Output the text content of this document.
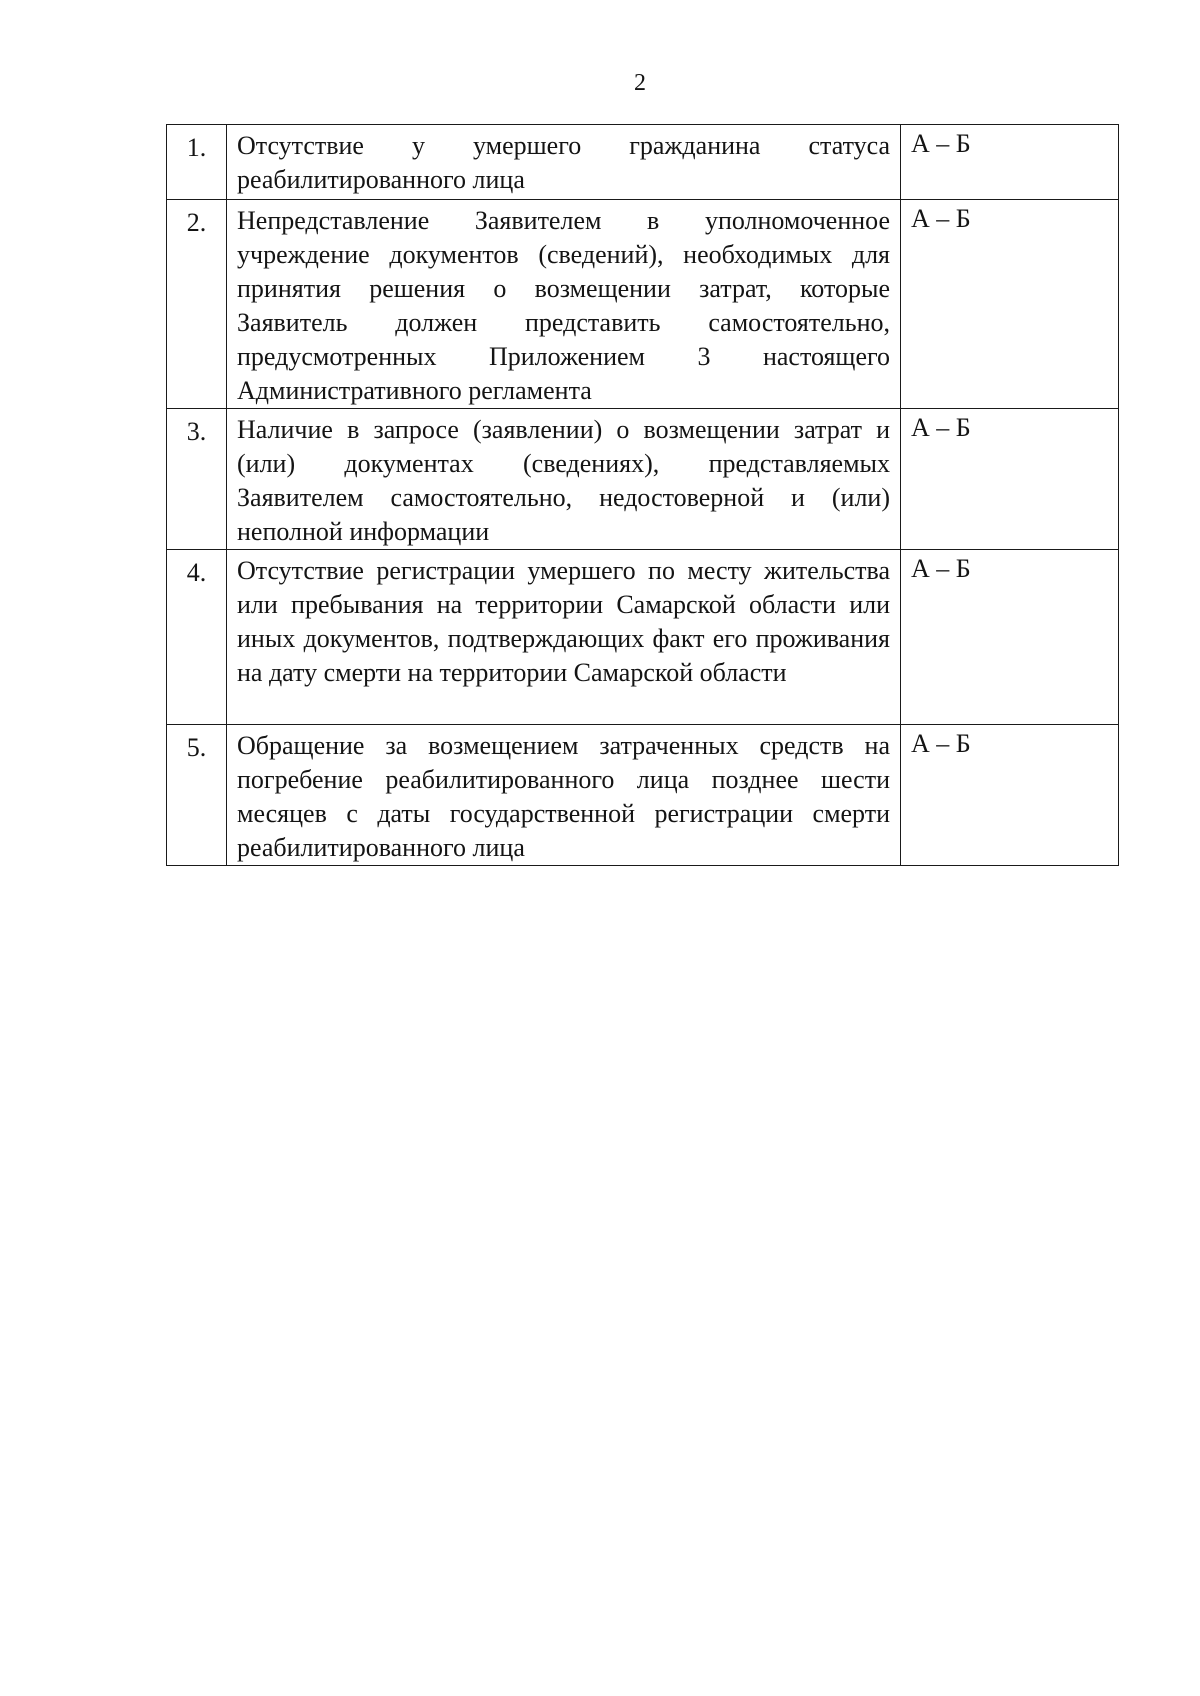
2
1.	Отсутствие у умершего гражданина статуса реабилитированного лица	А – Б
2.	Непредставление Заявителем в уполномоченное учреждение документов (сведений), необходимых для принятия решения о возмещении затрат, которые Заявитель должен представить самостоятельно, предусмотренных Приложением 3 настоящего Административного регламента	А – Б
3.	Наличие в запросе (заявлении) о возмещении затрат и (или) документах (сведениях), представляемых Заявителем самостоятельно, недостоверной и (или) неполной информации	А – Б
4.	Отсутствие регистрации умершего по месту жительства или пребывания на территории Самарской области или иных документов, подтверждающих факт его проживания на дату смерти на территории Самарской области	А – Б
5.	Обращение за возмещением затраченных средств на погребение реабилитированного лица позднее шести месяцев с даты государственной регистрации смерти реабилитированного лица	А – Б
